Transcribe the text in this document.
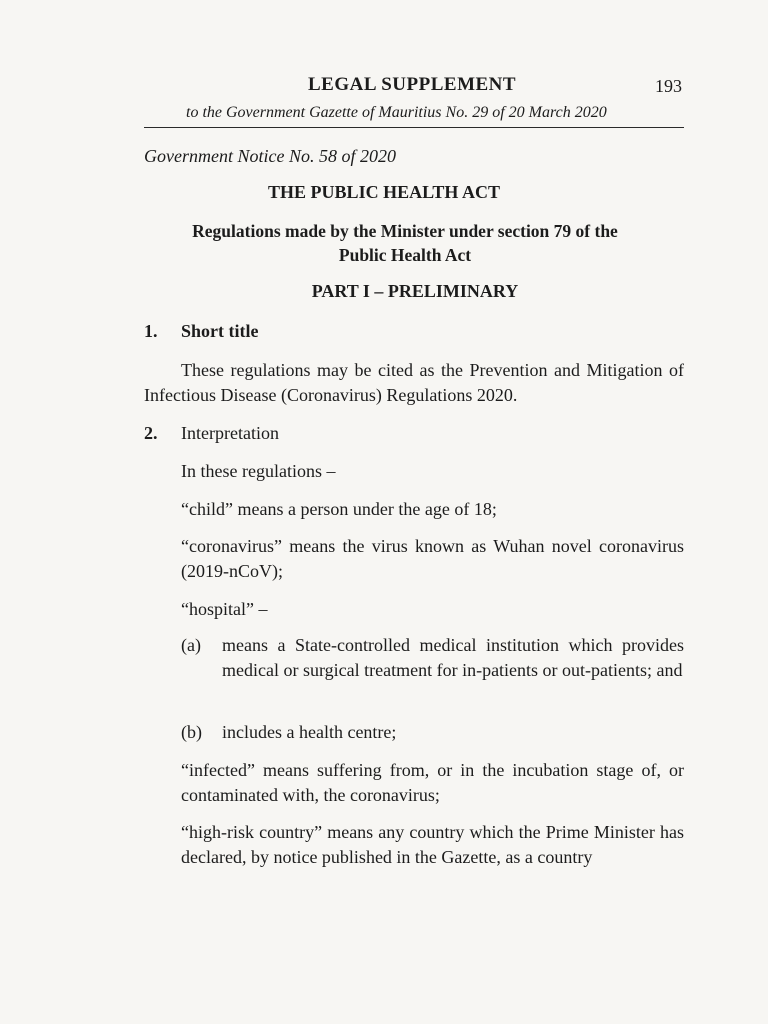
LEGAL SUPPLEMENT	193
to the Government Gazette of Mauritius No. 29 of 20 March 2020
Government Notice No. 58 of 2020
THE PUBLIC HEALTH ACT
Regulations made by the Minister under section 79 of the Public Health Act
PART I – PRELIMINARY
1. Short title
These regulations may be cited as the Prevention and Mitigation of Infectious Disease (Coronavirus) Regulations 2020.
2. Interpretation
In these regulations –
“child” means a person under the age of 18;
“coronavirus” means the virus known as Wuhan novel coronavirus (2019-nCoV);
“hospital” –
(a) means a State-controlled medical institution which provides medical or surgical treatment for in-patients or out-patients; and
(b) includes a health centre;
“infected” means suffering from, or in the incubation stage of, or contaminated with, the coronavirus;
“high-risk country” means any country which the Prime Minister has declared, by notice published in the Gazette, as a country
